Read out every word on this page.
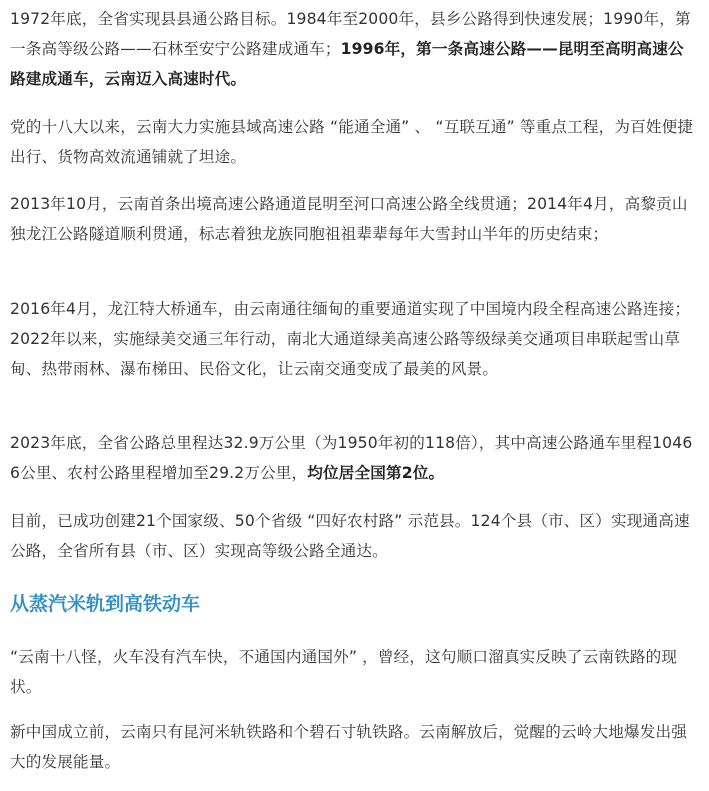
1972年底，全省实现县县通公路目标。1984年至2000年，县乡公路得到快速发展；1990年，第一条高等级公路——石林至安宁公路建成通车；1996年，第一条高速公路——昆明至高明高速公路建成通车，云南迈入高速时代。

党的十八大以来，云南大力实施县域高速公路 “能通全通” 、 “互联互通” 等重点工程，为百姓便捷出行、货物高效流通铺就了坦途。

2013年10月，云南首条出境高速公路通道昆明至河口高速公路全线贯通；2014年4月，高黎贡山独龙江公路隧道顺利贯通，标志着独龙族同胞祖祖辈辈每年大雪封山半年的历史结束；

2016年4月，龙江特大桥通车，由云南通往缅甸的重要通道实现了中国境内段全程高速公路连接；2022年以来，实施绿美交通三年行动，南北大通道绿美高速公路等级绿美交通项目串联起雪山草甸、热带雨林、瀑布梯田、民俗文化，让云南交通变成了最美的风景。

2023年底，全省公路总里程达32.9万公里（为1950年初的118倍），其中高速公路通车里程10466公里、农村公路里程增加至29.2万公里，均位居全国第2位。

目前，已成功创建21个国家级、50个省级 “四好农村路” 示范县。124个县（市、区）实现通高速公路，全省所有县（市、区）实现高等级公路全通达。

从蒸汽米轨到高铁动车

“云南十八怪，火车没有汽车快，不通国内通国外” ，曾经，这句顺口溜真实反映了云南铁路的现状。

新中国成立前，云南只有昆河米轨铁路和个碧石寸轨铁路。云南解放后，觉醒的云岭大地爆发出强大的发展能量。
